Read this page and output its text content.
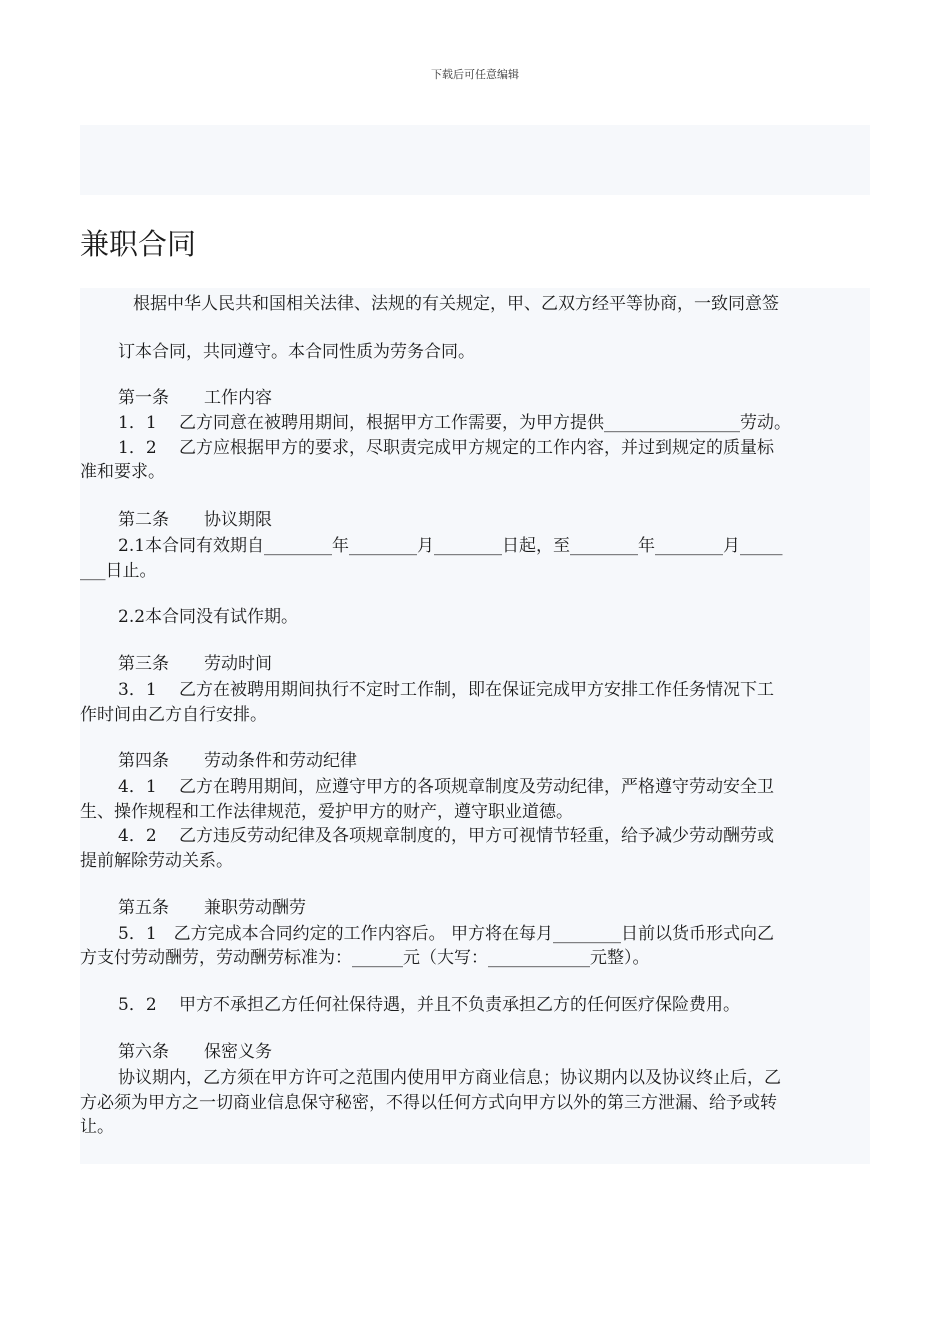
下载后可任意编辑
兼职合同
根据中华人民共和国相关法律、法规的有关规定，甲、乙双方经平等协商，一致同意签
订本合同，共同遵守。本合同性质为劳务合同。
第一条 工作内容
1．1　 乙方同意在被聘用期间，根据甲方工作需要，为甲方提供________________劳动。
1．2　 乙方应根据甲方的要求，尽职责完成甲方规定的工作内容，并过到规定的质量标
准和要求。
第二条 协议期限
2.1本合同有效期自________年________月________日起，至________年________月_____
___日止。
2.2本合同没有试作期。
第三条 劳动时间
3．1　 乙方在被聘用期间执行不定时工作制，即在保证完成甲方安排工作任务情况下工
作时间由乙方自行安排。
第四条 劳动条件和劳动纪律
4．1　 乙方在聘用期间，应遵守甲方的各项规章制度及劳动纪律，严格遵守劳动安全卫
生、操作规程和工作法律规范，爱护甲方的财产，遵守职业道德。
4．2　 乙方违反劳动纪律及各项规章制度的，甲方可视情节轻重，给予减少劳动酬劳或
提前解除劳动关系。
第五条 兼职劳动酬劳
5．1　乙方完成本合同约定的工作内容后。 甲方将在每月________日前以货币形式向乙
方支付劳动酬劳，劳动酬劳标准为：______元（大写：____________元整）。
5．2　 甲方不承担乙方任何社保待遇，并且不负责承担乙方的任何医疗保险费用。
第六条 保密义务
协议期内，乙方须在甲方许可之范围内使用甲方商业信息；协议期内以及协议终止后，乙
方必须为甲方之一切商业信息保守秘密，不得以任何方式向甲方以外的第三方泄漏、给予或转
让。
